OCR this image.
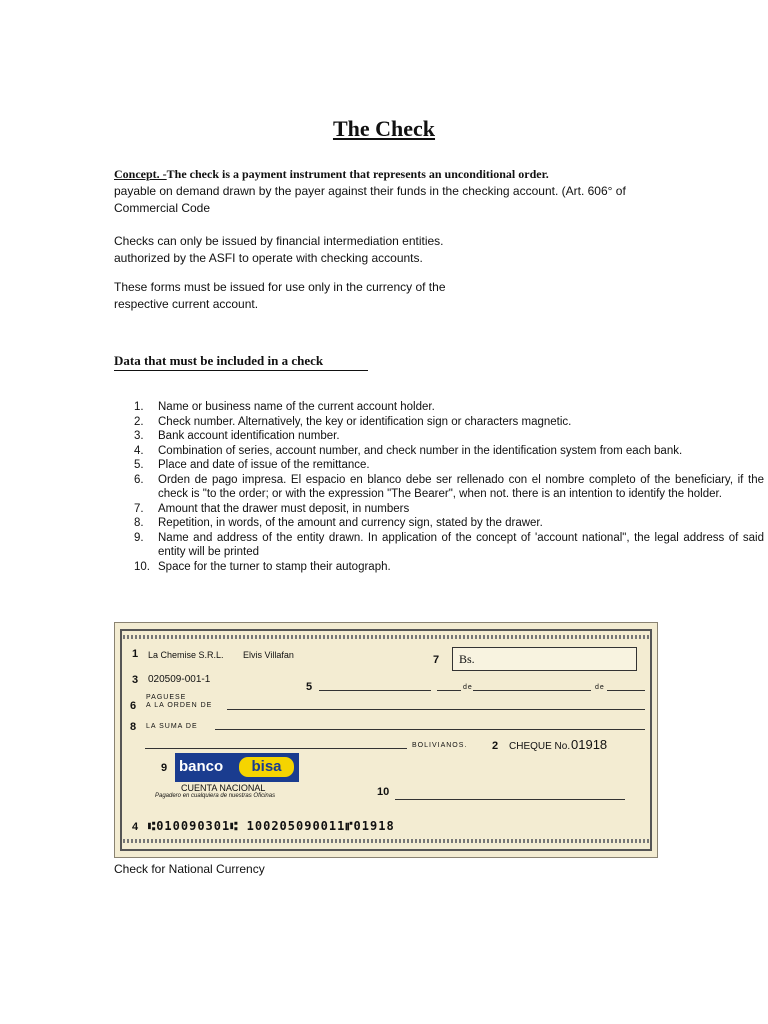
The Check

Concept. -The check is a payment instrument that represents an unconditional order.
payable on demand drawn by the payer against their funds in the checking account. (Art. 606° of
Commercial Code

Checks can only be issued by financial intermediation entities.
authorized by the ASFI to operate with checking accounts.

These forms must be issued for use only in the currency of the
respective current account.

Data that must be included in a check
1. Name or business name of the current account holder.
2. Check number. Alternatively, the key or identification sign or characters magnetic.
3. Bank account identification number.
4. Combination of series, account number, and check number in the identification system from each bank.
5. Place and date of issue of the remittance.
6. Orden de pago impresa. El espacio en blanco debe ser rellenado con el nombre completo of the beneficiary, if the check is "to the order; or with the expression "The Bearer", when not. there is an intention to identify the holder.
7. Amount that the drawer must deposit, in numbers
8. Repetition, in words, of the amount and currency sign, stated by the drawer.
9. Name and address of the entity drawn. In application of the concept of 'account national", the legal address of said entity will be printed
10. Space for the turner to stamp their autograph.
1 La Chemise S.R.L. Elvis Villafan	7 Bs.
3 020509-001-1
5	de	de
PAGUESE
6 A LA ORDEN DE
8 LA SUMA DE
BOLIVIANOS. 2 CHEQUE No. 01918
9 banco	bisa
CUENTA NACIONAL
Pagadero en cualquiera de nuestras Oficinas	10
4 ⑆010090301⑆ 100205090011⑈01918
Check for National Currency
